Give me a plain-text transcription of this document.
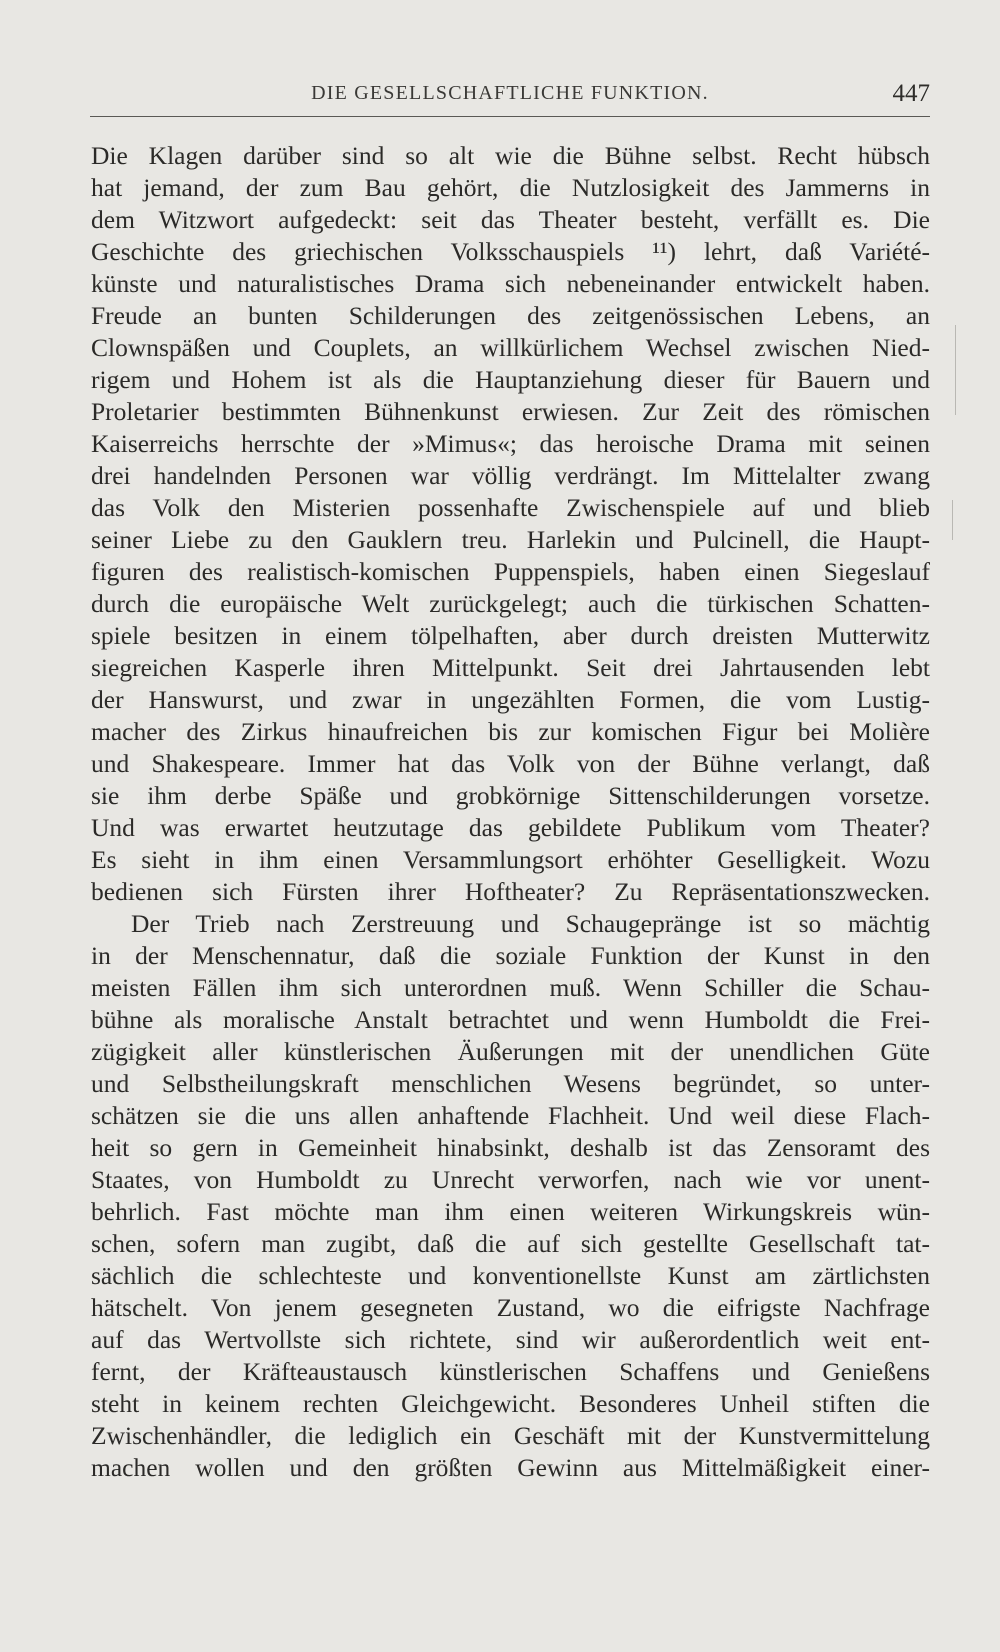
DIE GESELLSCHAFTLICHE FUNKTION.	447
Die Klagen darüber sind so alt wie die Bühne selbst. Recht hübsch
hat jemand, der zum Bau gehört, die Nutzlosigkeit des Jammerns in
dem Witzwort aufgedeckt: seit das Theater besteht, verfällt es. Die
Geschichte des griechischen Volksschauspiels ¹¹) lehrt, daß Variété-
künste und naturalistisches Drama sich nebeneinander entwickelt haben.
Freude an bunten Schilderungen des zeitgenössischen Lebens, an
Clownspäßen und Couplets, an willkürlichem Wechsel zwischen Nied-
rigem und Hohem ist als die Hauptanziehung dieser für Bauern und
Proletarier bestimmten Bühnenkunst erwiesen. Zur Zeit des römischen
Kaiserreichs herrschte der »Mimus«; das heroische Drama mit seinen
drei handelnden Personen war völlig verdrängt. Im Mittelalter zwang
das Volk den Misterien possenhafte Zwischenspiele auf und blieb
seiner Liebe zu den Gauklern treu. Harlekin und Pulcinell, die Haupt-
figuren des realistisch-komischen Puppenspiels, haben einen Siegeslauf
durch die europäische Welt zurückgelegt; auch die türkischen Schatten-
spiele besitzen in einem tölpelhaften, aber durch dreisten Mutterwitz
siegreichen Kasperle ihren Mittelpunkt. Seit drei Jahrtausenden lebt
der Hanswurst, und zwar in ungezählten Formen, die vom Lustig-
macher des Zirkus hinaufreichen bis zur komischen Figur bei Molière
und Shakespeare. Immer hat das Volk von der Bühne verlangt, daß
sie ihm derbe Späße und grobkörnige Sittenschilderungen vorsetze.
Und was erwartet heutzutage das gebildete Publikum vom Theater?
Es sieht in ihm einen Versammlungsort erhöhter Geselligkeit. Wozu
bedienen sich Fürsten ihrer Hoftheater? Zu Repräsentationszwecken.
Der Trieb nach Zerstreuung und Schaugepränge ist so mächtig
in der Menschennatur, daß die soziale Funktion der Kunst in den
meisten Fällen ihm sich unterordnen muß. Wenn Schiller die Schau-
bühne als moralische Anstalt betrachtet und wenn Humboldt die Frei-
zügigkeit aller künstlerischen Äußerungen mit der unendlichen Güte
und Selbstheilungskraft menschlichen Wesens begründet, so unter-
schätzen sie die uns allen anhaftende Flachheit. Und weil diese Flach-
heit so gern in Gemeinheit hinabsinkt, deshalb ist das Zensoramt des
Staates, von Humboldt zu Unrecht verworfen, nach wie vor unent-
behrlich. Fast möchte man ihm einen weiteren Wirkungskreis wün-
schen, sofern man zugibt, daß die auf sich gestellte Gesellschaft tat-
sächlich die schlechteste und konventionellste Kunst am zärtlichsten
hätschelt. Von jenem gesegneten Zustand, wo die eifrigste Nachfrage
auf das Wertvollste sich richtete, sind wir außerordentlich weit ent-
fernt, der Kräfteaustausch künstlerischen Schaffens und Genießens
steht in keinem rechten Gleichgewicht. Besonderes Unheil stiften die
Zwischenhändler, die lediglich ein Geschäft mit der Kunstvermittelung
machen wollen und den größten Gewinn aus Mittelmäßigkeit einer-
